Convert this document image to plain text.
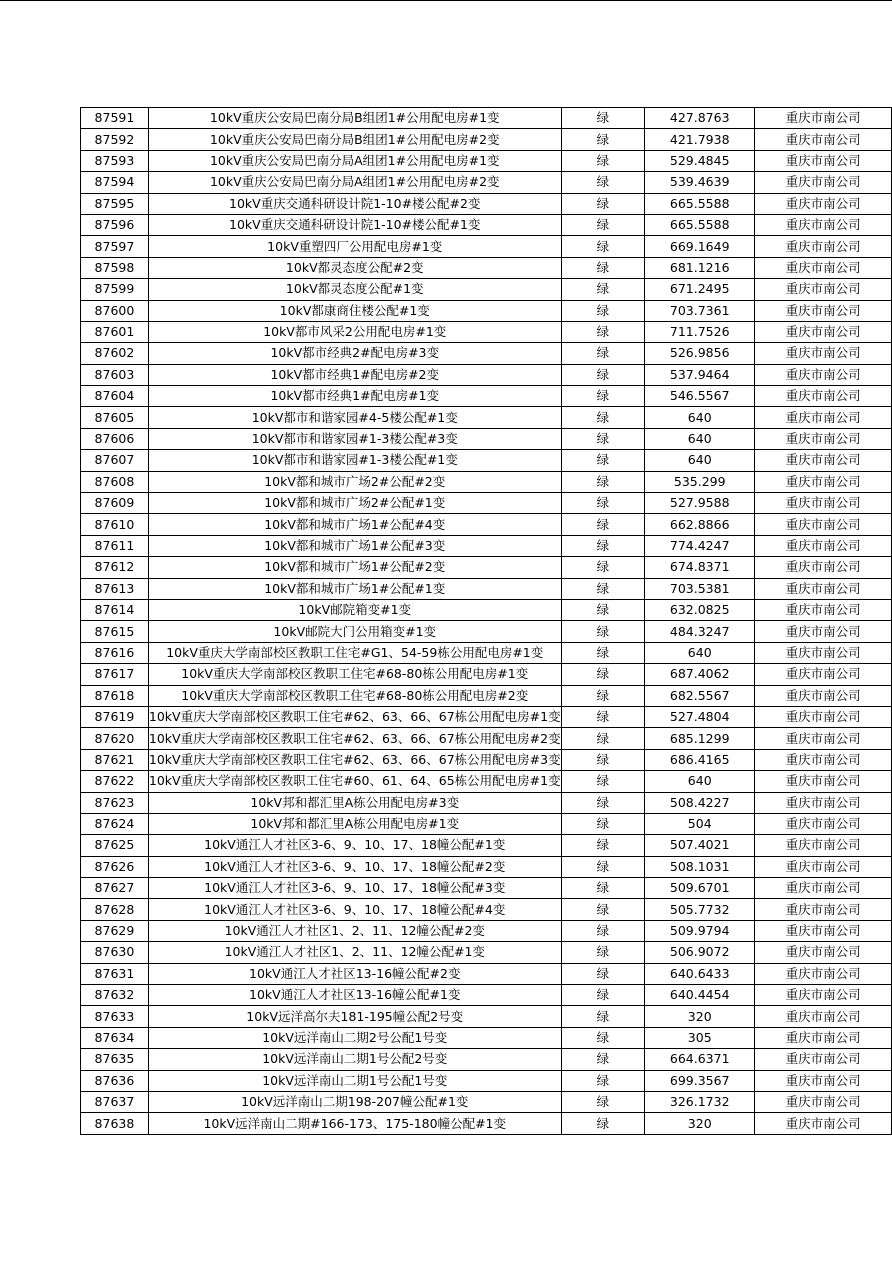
87591	10kV重庆公安局巴南分局B组团1#公用配电房#1变	绿	427.8763	重庆市南公司
87592	10kV重庆公安局巴南分局B组团1#公用配电房#2变	绿	421.7938	重庆市南公司
87593	10kV重庆公安局巴南分局A组团1#公用配电房#1变	绿	529.4845	重庆市南公司
87594	10kV重庆公安局巴南分局A组团1#公用配电房#2变	绿	539.4639	重庆市南公司
87595	10kV重庆交通科研设计院1-10#楼公配#2变	绿	665.5588	重庆市南公司
87596	10kV重庆交通科研设计院1-10#楼公配#1变	绿	665.5588	重庆市南公司
87597	10kV重塑四厂公用配电房#1变	绿	669.1649	重庆市南公司
87598	10kV都灵态度公配#2变	绿	681.1216	重庆市南公司
87599	10kV都灵态度公配#1变	绿	671.2495	重庆市南公司
87600	10kV都康商住楼公配#1变	绿	703.7361	重庆市南公司
87601	10kV都市风采2公用配电房#1变	绿	711.7526	重庆市南公司
87602	10kV都市经典2#配电房#3变	绿	526.9856	重庆市南公司
87603	10kV都市经典1#配电房#2变	绿	537.9464	重庆市南公司
87604	10kV都市经典1#配电房#1变	绿	546.5567	重庆市南公司
87605	10kV都市和谐家园#4-5楼公配#1变	绿	640	重庆市南公司
87606	10kV都市和谐家园#1-3楼公配#3变	绿	640	重庆市南公司
87607	10kV都市和谐家园#1-3楼公配#1变	绿	640	重庆市南公司
87608	10kV都和城市广场2#公配#2变	绿	535.299	重庆市南公司
87609	10kV都和城市广场2#公配#1变	绿	527.9588	重庆市南公司
87610	10kV都和城市广场1#公配#4变	绿	662.8866	重庆市南公司
87611	10kV都和城市广场1#公配#3变	绿	774.4247	重庆市南公司
87612	10kV都和城市广场1#公配#2变	绿	674.8371	重庆市南公司
87613	10kV都和城市广场1#公配#1变	绿	703.5381	重庆市南公司
87614	10kV邮院箱变#1变	绿	632.0825	重庆市南公司
87615	10kV邮院大门公用箱变#1变	绿	484.3247	重庆市南公司
87616	10kV重庆大学南部校区教职工住宅#G1、54-59栋公用配电房#1变	绿	640	重庆市南公司
87617	10kV重庆大学南部校区教职工住宅#68-80栋公用配电房#1变	绿	687.4062	重庆市南公司
87618	10kV重庆大学南部校区教职工住宅#68-80栋公用配电房#2变	绿	682.5567	重庆市南公司
87619	10kV重庆大学南部校区教职工住宅#62、63、66、67栋公用配电房#1变	绿	527.4804	重庆市南公司
87620	10kV重庆大学南部校区教职工住宅#62、63、66、67栋公用配电房#2变	绿	685.1299	重庆市南公司
87621	10kV重庆大学南部校区教职工住宅#62、63、66、67栋公用配电房#3变	绿	686.4165	重庆市南公司
87622	10kV重庆大学南部校区教职工住宅#60、61、64、65栋公用配电房#1变	绿	640	重庆市南公司
87623	10kV邦和都汇里A栋公用配电房#3变	绿	508.4227	重庆市南公司
87624	10kV邦和都汇里A栋公用配电房#1变	绿	504	重庆市南公司
87625	10kV通江人才社区3-6、9、10、17、18幢公配#1变	绿	507.4021	重庆市南公司
87626	10kV通江人才社区3-6、9、10、17、18幢公配#2变	绿	508.1031	重庆市南公司
87627	10kV通江人才社区3-6、9、10、17、18幢公配#3变	绿	509.6701	重庆市南公司
87628	10kV通江人才社区3-6、9、10、17、18幢公配#4变	绿	505.7732	重庆市南公司
87629	10kV通江人才社区1、2、11、12幢公配#2变	绿	509.9794	重庆市南公司
87630	10kV通江人才社区1、2、11、12幢公配#1变	绿	506.9072	重庆市南公司
87631	10kV通江人才社区13-16幢公配#2变	绿	640.6433	重庆市南公司
87632	10kV通江人才社区13-16幢公配#1变	绿	640.4454	重庆市南公司
87633	10kV远洋高尔夫181-195幢公配2号变	绿	320	重庆市南公司
87634	10kV远洋南山二期2号公配1号变	绿	305	重庆市南公司
87635	10kV远洋南山二期1号公配2号变	绿	664.6371	重庆市南公司
87636	10kV远洋南山二期1号公配1号变	绿	699.3567	重庆市南公司
87637	10kV远洋南山二期198-207幢公配#1变	绿	326.1732	重庆市南公司
87638	10kV远洋南山二期#166-173、175-180幢公配#1变	绿	320	重庆市南公司
